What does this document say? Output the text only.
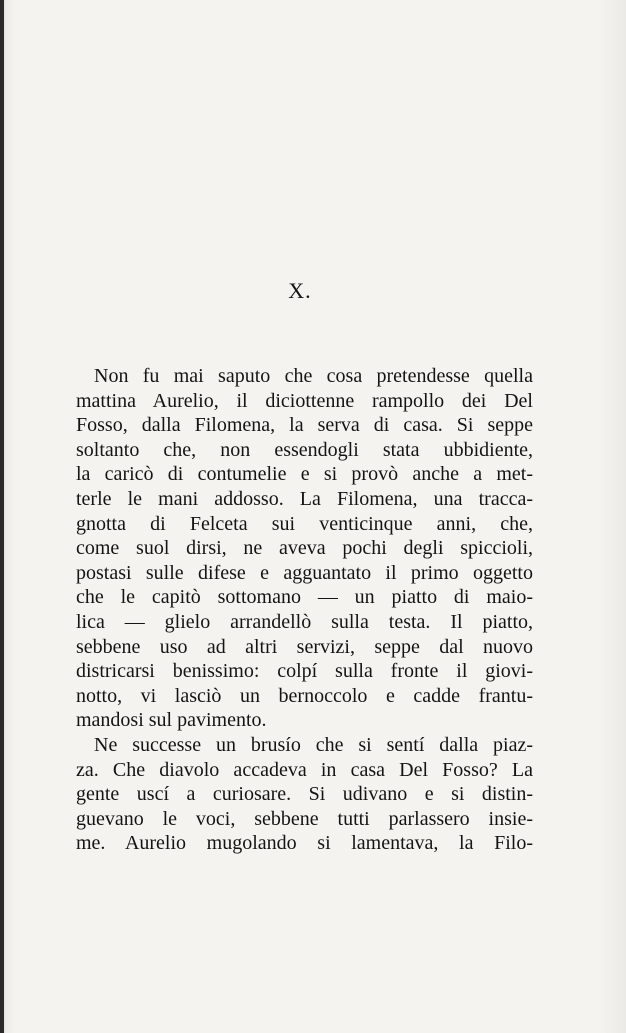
X.
Non fu mai saputo che cosa pretendesse quella
mattina Aurelio, il diciottenne rampollo dei Del
Fosso, dalla Filomena, la serva di casa. Si seppe
soltanto che, non essendogli stata ubbidiente,
la caricò di contumelie e si provò anche a met-
terle le mani addosso. La Filomena, una tracca-
gnotta di Felceta sui venticinque anni, che,
come suol dirsi, ne aveva pochi degli spiccioli,
postasi sulle difese e agguantato il primo oggetto
che le capitò sottomano — un piatto di maio-
lica — glielo arrandellò sulla testa. Il piatto,
sebbene uso ad altri servizi, seppe dal nuovo
districarsi benissimo: colpí sulla fronte il giovi-
notto, vi lasciò un bernoccolo e cadde frantu-
mandosi sul pavimento.
Ne successe un brusío che si sentí dalla piaz-
za. Che diavolo accadeva in casa Del Fosso? La
gente uscí a curiosare. Si udivano e si distin-
guevano le voci, sebbene tutti parlassero insie-
me. Aurelio mugolando si lamentava, la Filo-
